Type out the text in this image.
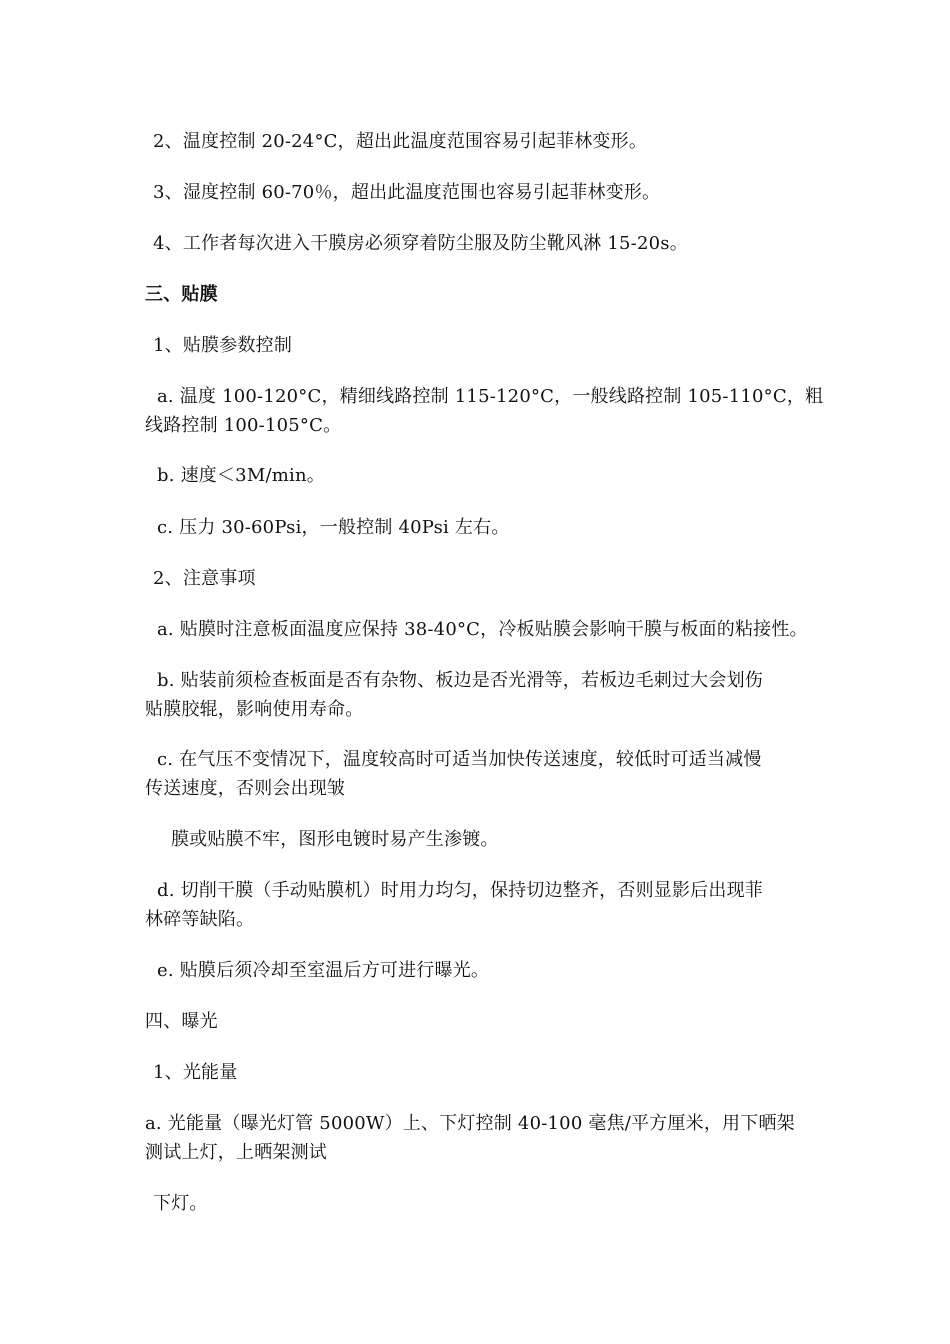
2、温度控制 20-24°C，超出此温度范围容易引起菲林变形。
3、湿度控制 60-70％，超出此温度范围也容易引起菲林变形。
4、工作者每次进入干膜房必须穿着防尘服及防尘靴风淋 15-20s。
三、贴膜
1、贴膜参数控制
a. 温度 100-120°C，精细线路控制 115-120°C，一般线路控制 105-110°C，粗
线路控制 100-105°C。
b. 速度＜3M/min。
c. 压力 30-60Psi，一般控制 40Psi 左右。
2、注意事项
a. 贴膜时注意板面温度应保持 38-40°C，冷板贴膜会影响干膜与板面的粘接性。
b. 贴装前须检查板面是否有杂物、板边是否光滑等，若板边毛刺过大会划伤
贴膜胶辊，影响使用寿命。
c. 在气压不变情况下，温度较高时可适当加快传送速度，较低时可适当减慢
传送速度，否则会出现皱
膜或贴膜不牢，图形电镀时易产生渗镀。
d. 切削干膜（手动贴膜机）时用力均匀，保持切边整齐，否则显影后出现菲
林碎等缺陷。
e. 贴膜后须冷却至室温后方可进行曝光。
四、曝光
1、光能量
a. 光能量（曝光灯管 5000W）上、下灯控制 40-100 毫焦/平方厘米，用下晒架
测试上灯，上晒架测试
下灯。
